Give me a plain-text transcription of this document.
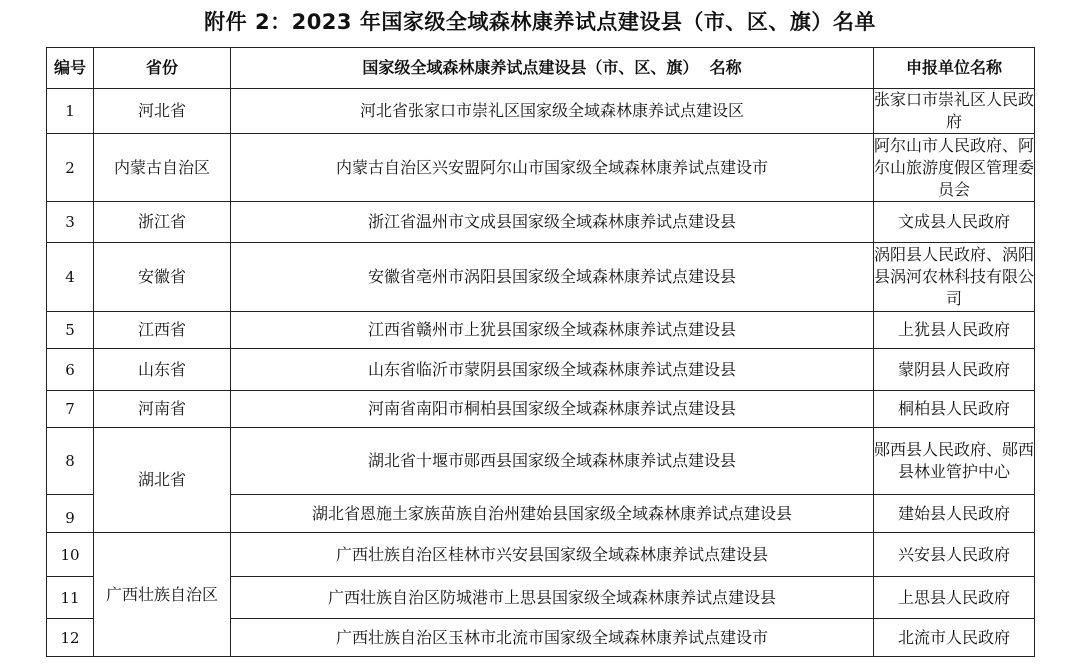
附件 2：2023 年国家级全域森林康养试点建设县（市、区、旗）名单
编号	省份	国家级全域森林康养试点建设县（市、区、旗）  名称	申报单位名称
1	河北省	河北省张家口市崇礼区国家级全域森林康养试点建设区	张家口市崇礼区人民政府
2	内蒙古自治区	内蒙古自治区兴安盟阿尔山市国家级全域森林康养试点建设市	阿尔山市人民政府、阿尔山旅游度假区管理委员会
3	浙江省	浙江省温州市文成县国家级全域森林康养试点建设县	文成县人民政府
4	安徽省	安徽省亳州市涡阳县国家级全域森林康养试点建设县	涡阳县人民政府、涡阳县涡河农林科技有限公司
5	江西省	江西省赣州市上犹县国家级全域森林康养试点建设县	上犹县人民政府
6	山东省	山东省临沂市蒙阴县国家级全域森林康养试点建设县	蒙阴县人民政府
7	河南省	河南省南阳市桐柏县国家级全域森林康养试点建设县	桐柏县人民政府
8	湖北省	湖北省十堰市郧西县国家级全域森林康养试点建设县	郧西县人民政府、郧西县林业管护中心
9		湖北省恩施土家族苗族自治州建始县国家级全域森林康养试点建设县	建始县人民政府
10	广西壮族自治区	广西壮族自治区桂林市兴安县国家级全域森林康养试点建设县	兴安县人民政府
11		广西壮族自治区防城港市上思县国家级全域森林康养试点建设县	上思县人民政府
12		广西壮族自治区玉林市北流市国家级全域森林康养试点建设市	北流市人民政府
